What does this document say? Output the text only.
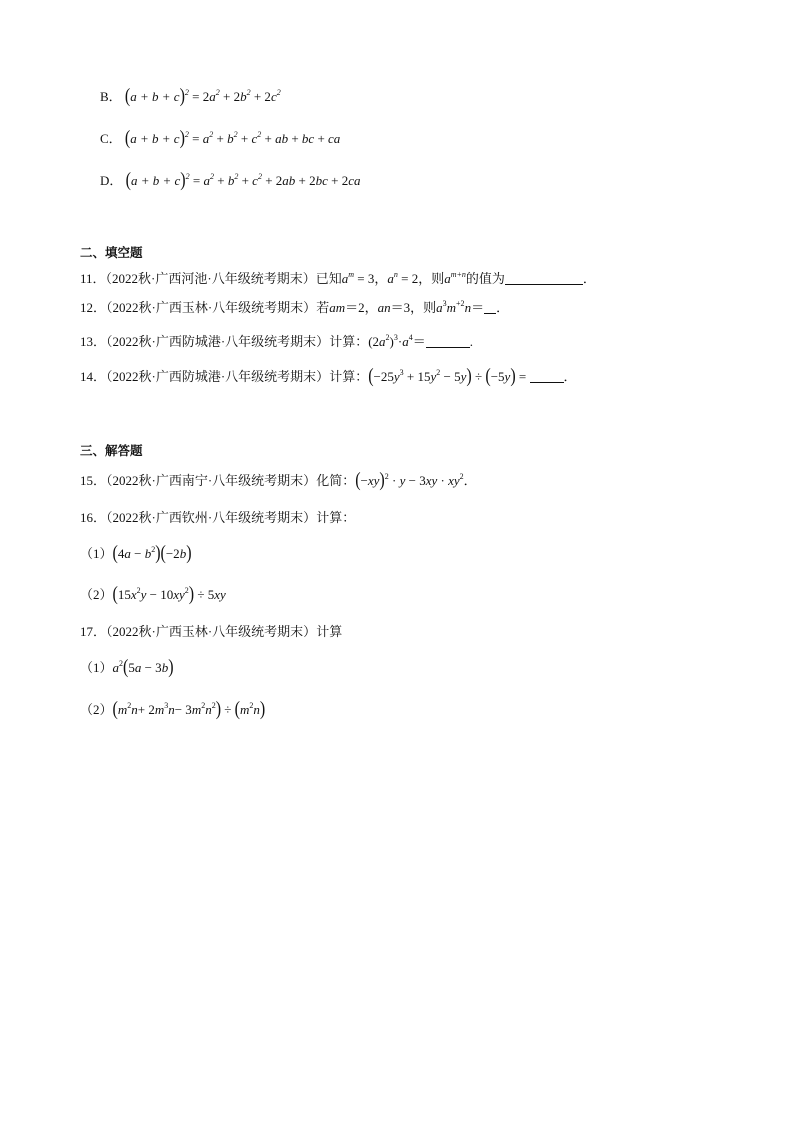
B． $(a + b + c)^2 = 2a^2 + 2b^2 + 2c^2$
C． $(a + b + c)^2 = a^2 + b^2 + c^2$ + ab + bc + ca
D． $(a + b + c)^2 = a^2 + b^2 + c^2 + 2ab + 2bc + 2ca$
二、填空题
11．（2022秋·广西河池·八年级统考期末）已知$a^m = 3$，$a^n = 2$，则$a^{m+n}$的值为	．
12．（2022秋·广西玉林·八年级统考期末）若am＝2，an＝3，则$a^3m^{+2}n=$ ．
13．（2022秋·广西防城港·八年级统考期末）计算：$(2a^2)^3\cdot a^4=$	.
14．（2022秋·广西防城港·八年级统考期末）计算：$(-25y^3 + 15y^2 - 5y) \div (-5y)$ =	．
三、解答题
15．（2022秋·广西南宁·八年级统考期末）化简：$(-xy)^2 \cdot y - 3xy \cdot xy^2$．
16．（2022秋·广西钦州·八年级统考期末）计算：
$(1)(4a - b^2)(-2b)$
$(2)(15x^2y - 10xy^2) \div 5xy$
17．（2022秋·广西玉林·八年级统考期末）计算
$(1)a^2(5a - 3b)$
$(2)(m^2n+ 2m^3n- 3m^2n^2) \div (m^2n)$
